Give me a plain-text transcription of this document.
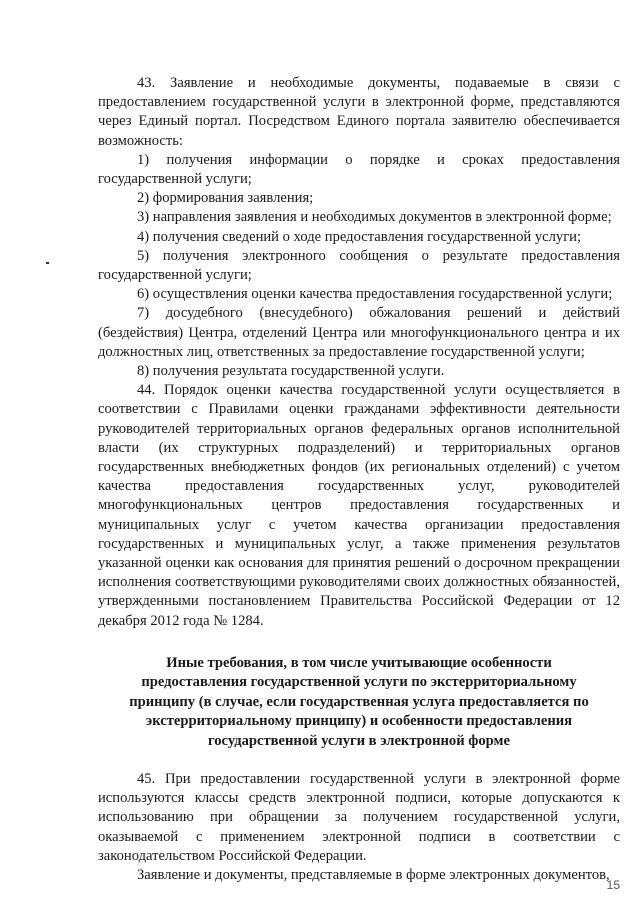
43. Заявление и необходимые документы, подаваемые в связи с предоставлением государственной услуги в электронной форме, представляются через Единый портал. Посредством Единого портала заявителю обеспечивается возможность:

1) получения информации о порядке и сроках предоставления государственной услуги;

2) формирования заявления;

3) направления заявления и необходимых документов в электронной форме;

4) получения сведений о ходе предоставления государственной услуги;

5) получения электронного сообщения о результате предоставления государственной услуги;

6) осуществления оценки качества предоставления государственной услуги;

7) досудебного (внесудебного) обжалования решений и действий (бездействия) Центра, отделений Центра или многофункционального центра и их должностных лиц, ответственных за предоставление государственной услуги;

8) получения результата государственной услуги.

44. Порядок оценки качества государственной услуги осуществляется в соответствии с Правилами оценки гражданами эффективности деятельности руководителей территориальных органов федеральных органов исполнительной власти (их структурных подразделений) и территориальных органов государственных внебюджетных фондов (их региональных отделений) с учетом качества предоставления государственных услуг, руководителей многофункциональных центров предоставления государственных и муниципальных услуг с учетом качества организации предоставления государственных и муниципальных услуг, а также применения результатов указанной оценки как основания для принятия решений о досрочном прекращении исполнения соответствующими руководителями своих должностных обязанностей, утвержденными постановлением Правительства Российской Федерации от 12 декабря 2012 года № 1284.

Иные требования, в том числе учитывающие особенности предоставления государственной услуги по экстерриториальному принципу (в случае, если государственная услуга предоставляется по экстерриториальному принципу) и особенности предоставления государственной услуги в электронной форме

45. При предоставлении государственной услуги в электронной форме используются классы средств электронной подписи, которые допускаются к использованию при обращении за получением государственной услуги, оказываемой с применением электронной подписи в соответствии с законодательством Российской Федерации.

Заявление и документы, представляемые в форме электронных документов,

15
